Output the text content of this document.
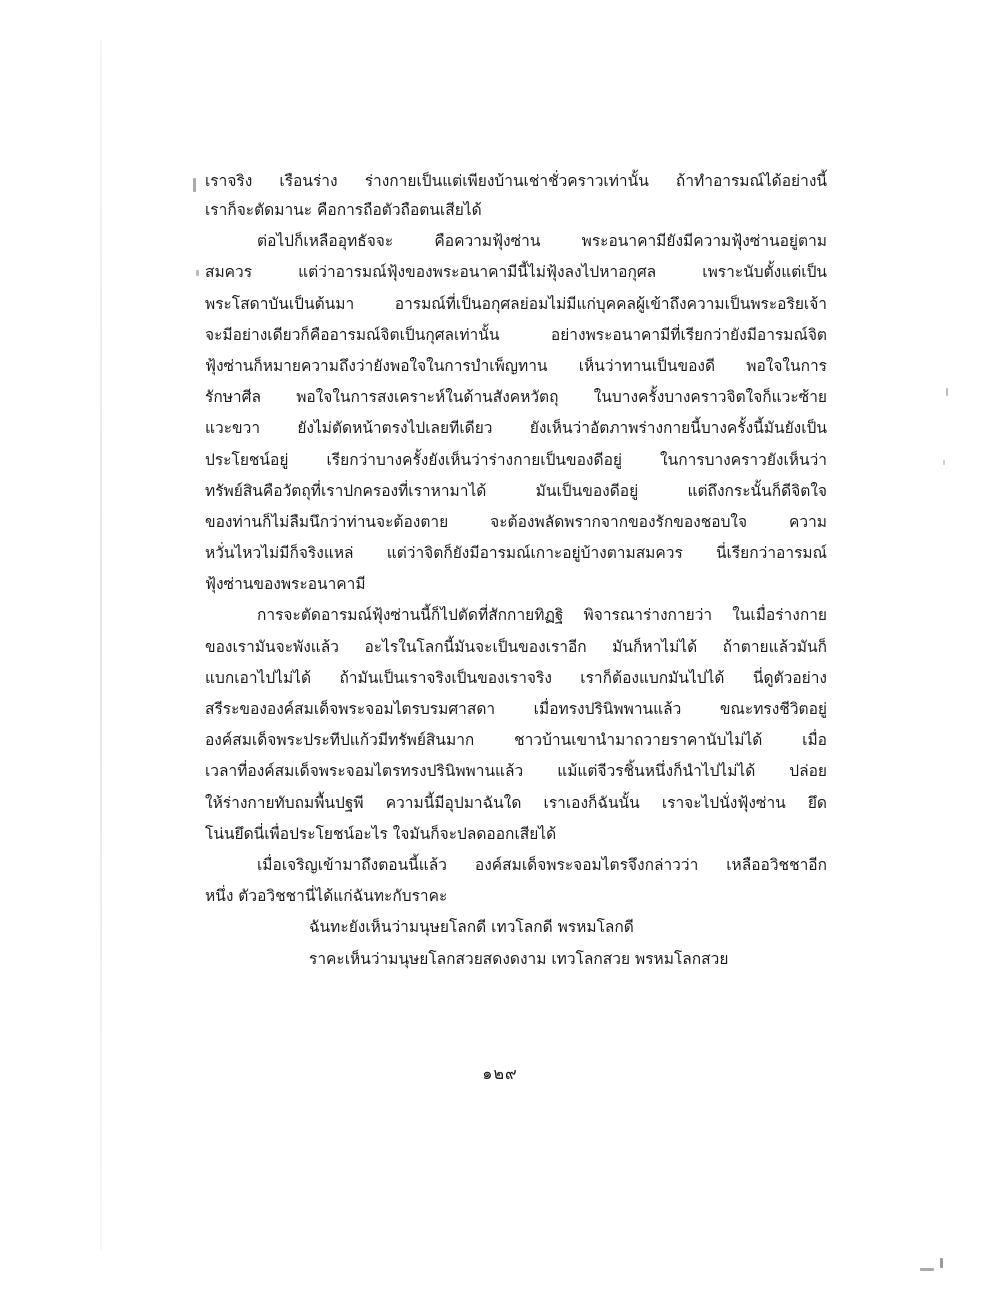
เราจริง เรือนร่าง ร่างกายเป็นแต่เพียงบ้านเช่าชั่วคราวเท่านั้น ถ้าทำอารมณ์ได้อย่างนี้
เราก็จะตัดมานะ คือการถือตัวถือตนเสียได้
ต่อไปก็เหลืออุทธัจจะ คือความฟุ้งซ่าน พระอนาคามียังมีความฟุ้งซ่านอยู่ตาม
สมควร แต่ว่าอารมณ์ฟุ้งของพระอนาคามีนี้ไม่ฟุ้งลงไปหาอกุศล เพราะนับตั้งแต่เป็น
พระโสดาบันเป็นต้นมา อารมณ์ที่เป็นอกุศลย่อมไม่มีแก่บุคคลผู้เข้าถึงความเป็นพระอริยเจ้า
จะมีอย่างเดียวก็คืออารมณ์จิตเป็นกุศลเท่านั้น อย่างพระอนาคามีที่เรียกว่ายังมีอารมณ์จิต
ฟุ้งซ่านก็หมายความถึงว่ายังพอใจในการบำเพ็ญทาน เห็นว่าทานเป็นของดี พอใจในการ
รักษาศีล พอใจในการสงเคราะห์ในด้านสังคหวัตถุ ในบางครั้งบางคราวจิตใจก็แวะซ้าย
แวะขวา ยังไม่ตัดหน้าตรงไปเลยทีเดียว ยังเห็นว่าอัตภาพร่างกายนี้บางครั้งนี้มันยังเป็น
ประโยชน์อยู่ เรียกว่าบางครั้งยังเห็นว่าร่างกายเป็นของดีอยู่ ในการบางคราวยังเห็นว่า
ทรัพย์สินคือวัตถุที่เราปกครองที่เราหามาได้ มันเป็นของดีอยู่ แต่ถึงกระนั้นก็ดีจิตใจ
ของท่านก็ไม่ลืมนึกว่าท่านจะต้องตาย จะต้องพลัดพรากจากของรักของชอบใจ ความ
หวั่นไหวไม่มีก็จริงแหล่ แต่ว่าจิตก็ยังมีอารมณ์เกาะอยู่บ้างตามสมควร นี่เรียกว่าอารมณ์
ฟุ้งซ่านของพระอนาคามี
การจะตัดอารมณ์ฟุ้งซ่านนี้ก็ไปตัดที่สักกายทิฏฐิ พิจารณาร่างกายว่า ในเมื่อร่างกาย
ของเรามันจะพังแล้ว อะไรในโลกนี้มันจะเป็นของเราอีก มันก็หาไม่ได้ ถ้าตายแล้วมันก็
แบกเอาไปไม่ได้ ถ้ามันเป็นเราจริงเป็นของเราจริง เราก็ต้องแบกมันไปได้ นี่ดูตัวอย่าง
สรีระขององค์สมเด็จพระจอมไตรบรมศาสดา เมื่อทรงปรินิพพานแล้ว ขณะทรงชีวิตอยู่
องค์สมเด็จพระประทีปแก้วมีทรัพย์สินมาก ชาวบ้านเขานำมาถวายราคานับไม่ได้ เมื่อ
เวลาที่องค์สมเด็จพระจอมไตรทรงปรินิพพานแล้ว แม้แต่จีวรชิ้นหนึ่งก็นำไปไม่ได้ ปล่อย
ให้ร่างกายทับถมพื้นปฐพี ความนี้มีอุปมาฉันใด เราเองก็ฉันนั้น เราจะไปนั่งฟุ้งซ่าน ยึด
โน่นยึดนี่เพื่อประโยชน์อะไร ใจมันก็จะปลดออกเสียได้
เมื่อเจริญเข้ามาถึงตอนนี้แล้ว องค์สมเด็จพระจอมไตรจึงกล่าวว่า เหลืออวิชชาอีก
หนึ่ง ตัวอวิชชานี่ได้แก่ฉันทะกับราคะ
ฉันทะยังเห็นว่ามนุษยโลกดี เทวโลกดี พรหมโลกดี
ราคะเห็นว่ามนุษยโลกสวยสดงดงาม เทวโลกสวย พรหมโลกสวย
๑๒๙
